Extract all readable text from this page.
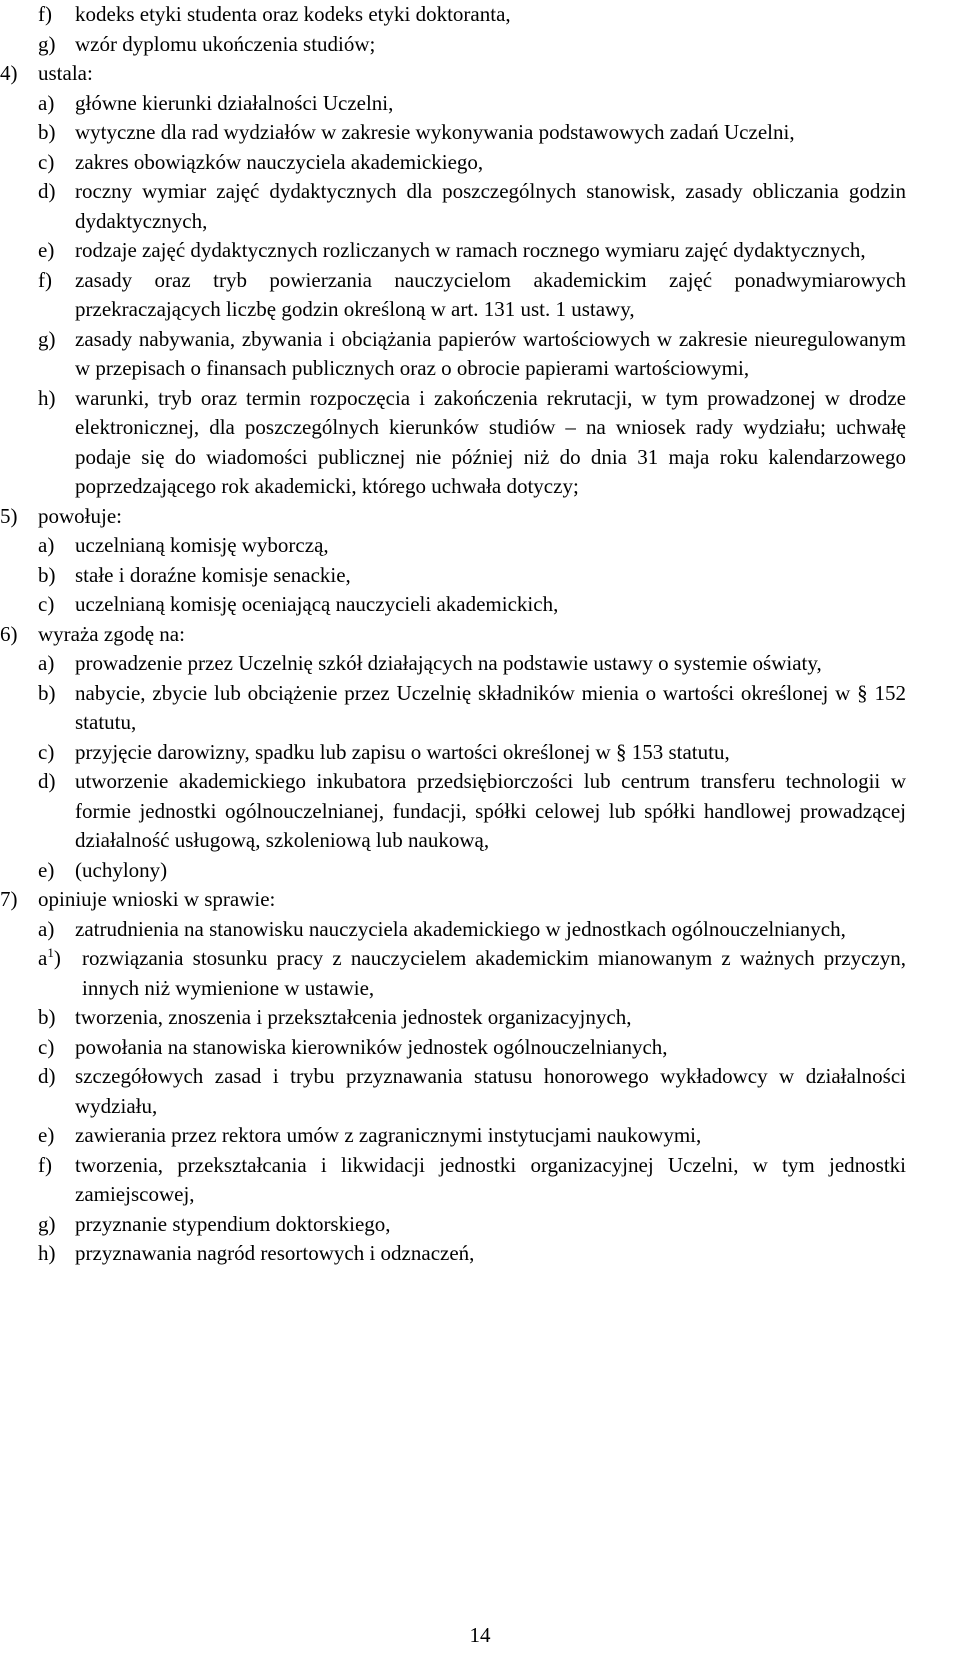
f) kodeks etyki studenta oraz kodeks etyki doktoranta,
g) wzór dyplomu ukończenia studiów;
4) ustala:
a) główne kierunki działalności Uczelni,
b) wytyczne dla rad wydziałów w zakresie wykonywania podstawowych zadań Uczelni,
c) zakres obowiązków nauczyciela akademickiego,
d) roczny wymiar zajęć dydaktycznych dla poszczególnych stanowisk, zasady obliczania godzin dydaktycznych,
e) rodzaje zajęć dydaktycznych rozliczanych w ramach rocznego wymiaru zajęć dydaktycznych,
f) zasady oraz tryb powierzania nauczycielom akademickim zajęć ponadwymiarowych przekraczających liczbę godzin określoną w art. 131 ust. 1 ustawy,
g) zasady nabywania, zbywania i obciążania papierów wartościowych w zakresie nieuregulowanym w przepisach o finansach publicznych oraz o obrocie papierami wartościowymi,
h) warunki, tryb oraz termin rozpoczęcia i zakończenia rekrutacji, w tym prowadzonej w drodze elektronicznej, dla poszczególnych kierunków studiów – na wniosek rady wydziału; uchwałę podaje się do wiadomości publicznej nie później niż do dnia 31 maja roku kalendarzowego poprzedzającego rok akademicki, którego uchwała dotyczy;
5) powołuje:
a) uczelnianą komisję wyborczą,
b) stałe i doraźne komisje senackie,
c) uczelnianą komisję oceniającą nauczycieli akademickich,
6) wyraża zgodę na:
a) prowadzenie przez Uczelnię szkół działających na podstawie ustawy o systemie oświaty,
b) nabycie, zbycie lub obciążenie przez Uczelnię składników mienia o wartości określonej w § 152 statutu,
c) przyjęcie darowizny, spadku lub zapisu o wartości określonej w § 153 statutu,
d) utworzenie akademickiego inkubatora przedsiębiorczości lub centrum transferu technologii w formie jednostki ogólnouczelnianej, fundacji, spółki celowej lub spółki handlowej prowadzącej działalność usługową, szkoleniową lub naukową,
e) (uchylony)
7) opiniuje wnioski w sprawie:
a) zatrudnienia na stanowisku nauczyciela akademickiego w jednostkach ogólnouczelnianych,
$a^1$) rozwiązania stosunku pracy z nauczycielem akademickim mianowanym z ważnych przyczyn, innych niż wymienione w ustawie,
b) tworzenia, znoszenia i przekształcenia jednostek organizacyjnych,
c) powołania na stanowiska kierowników jednostek ogólnouczelnianych,
d) szczegółowych zasad i trybu przyznawania statusu honorowego wykładowcy w działalności wydziału,
e) zawierania przez rektora umów z zagranicznymi instytucjami naukowymi,
f) tworzenia, przekształcania i likwidacji jednostki organizacyjnej Uczelni, w tym jednostki zamiejscowej,
g) przyznanie stypendium doktorskiego,
h) przyznawania nagród resortowych i odznaczeń,
14
